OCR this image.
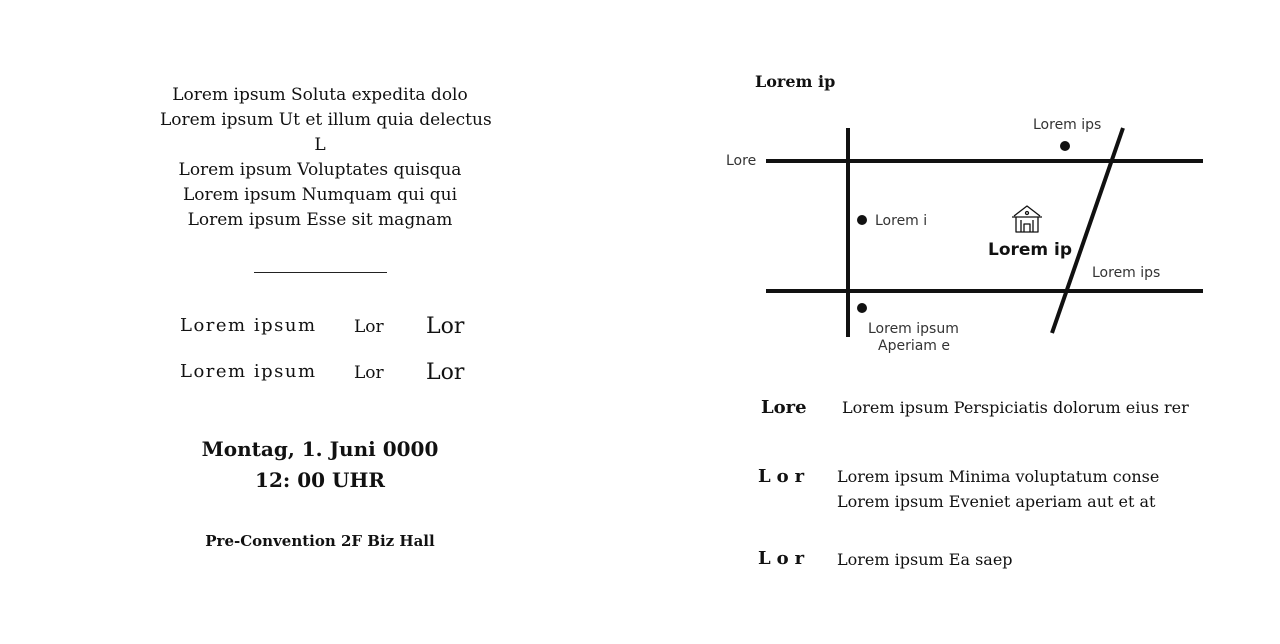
Lorem ipsum Soluta expedita dolo
Lorem ipsum Ut et illum quia delectus
L
Lorem ipsum Voluptates quisqua
Lorem ipsum Numquam qui qui
Lorem ipsum Esse sit magnam
Lorem ipsum Lor Lor
Lorem ipsum Lor Lor
Montag, 1. Juni 0000
12: 00 UHR
Pre-Convention 2F Biz Hall
Lorem ip
Lore
Lorem ips
Lorem i
Lorem ips
Lorem ipsum
Aperiam e
Lorem ip
Lore Lorem ipsum Perspiciatis dolorum eius rer
Lor Lorem ipsum Minima voluptatum conse
Lorem ipsum Eveniet aperiam aut et at
Lor Lorem ipsum Ea saep
